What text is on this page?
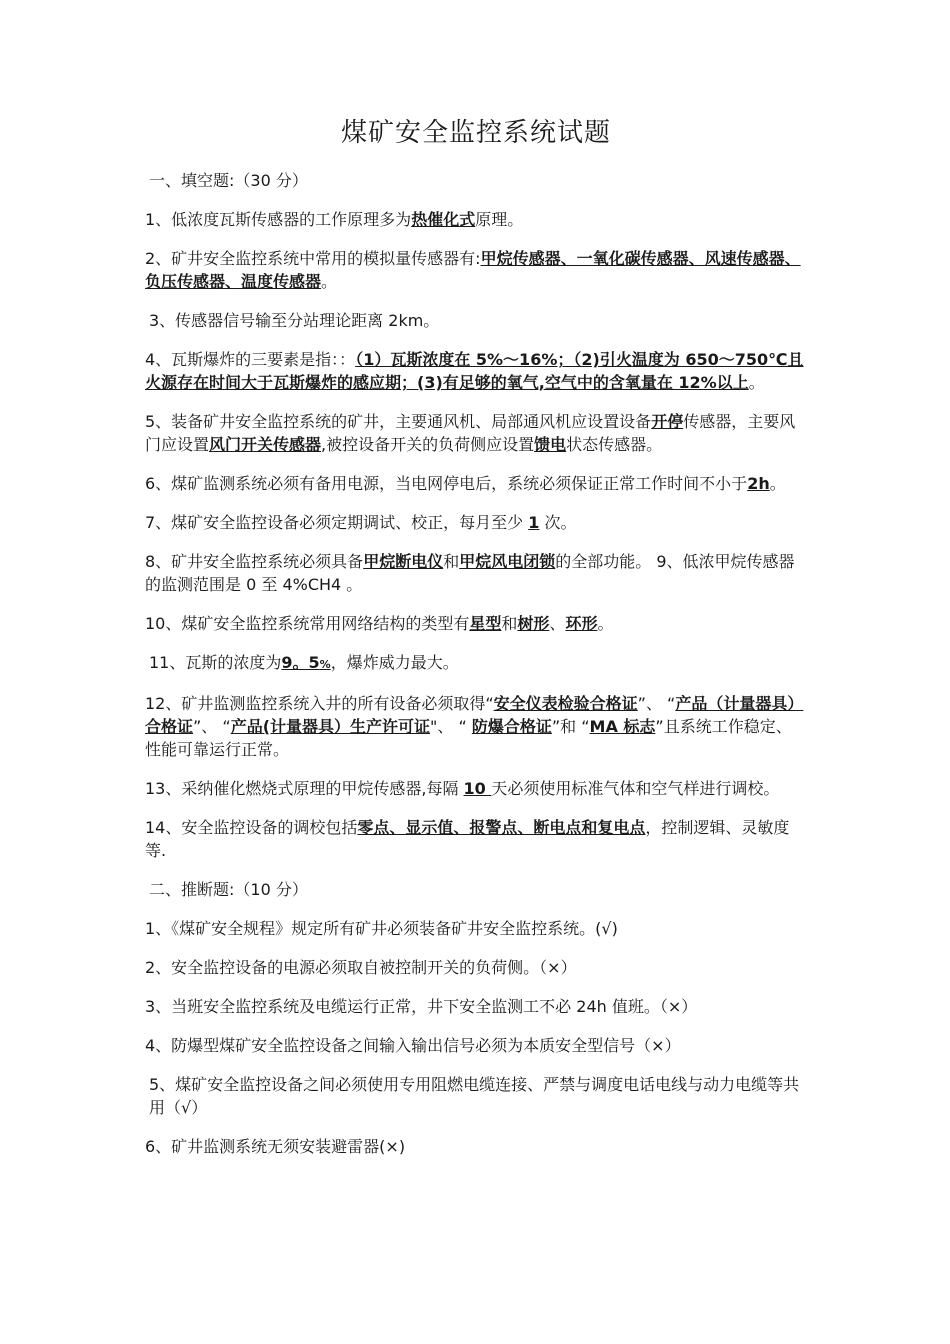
煤矿安全监控系统试题

一、填空题:（30 分）

1、低浓度瓦斯传感器的工作原理多为热催化式原理。

2、矿井安全监控系统中常用的模拟量传感器有:甲烷传感器、一氧化碳传感器、风速传感器、负压传感器、温度传感器。

3、传感器信号输至分站理论距离 2km。

4、瓦斯爆炸的三要素是指：：（1）瓦斯浓度在 5%～16%；（2)引火温度为 650～750℃且火源存在时间大于瓦斯爆炸的感应期；(3)有足够的氧气,空气中的含氧量在 12%以上。

5、装备矿井安全监控系统的矿井，主要通风机、局部通风机应设置设备开停传感器，主要风门应设置风门开关传感器,被控设备开关的负荷侧应设置馈电状态传感器。

6、煤矿监测系统必须有备用电源，当电网停电后，系统必须保证正常工作时间不小于2h。

7、煤矿安全监控设备必须定期调试、校正，每月至少 1 次。

8、矿井安全监控系统必须具备甲烷断电仪和甲烷风电闭锁的全部功能。 9、低浓甲烷传感器的监测范围是 0 至 4%CH4 。

10、煤矿安全监控系统常用网络结构的类型有星型和树形、环形。

11、瓦斯的浓度为9。5%，爆炸威力最大。

12、矿井监测监控系统入井的所有设备必须取得“安全仪表检验合格证”、 “产品（计量器具）合格证”、 “产品(计量器具）生产许可证"、 “ 防爆合格证”和 “MA 标志”且系统工作稳定、性能可靠运行正常。

13、采纳催化燃烧式原理的甲烷传感器,每隔 10 天必须使用标准气体和空气样进行调校。

14、安全监控设备的调校包括零点、显示值、报警点、断电点和复电点，控制逻辑、灵敏度等.

二、推断题:（10 分）

1、《煤矿安全规程》规定所有矿井必须装备矿井安全监控系统。(√)

2、安全监控设备的电源必须取自被控制开关的负荷侧。（×）

3、当班安全监控系统及电缆运行正常，井下安全监测工不必 24h 值班。（×）

4、防爆型煤矿安全监控设备之间输入输出信号必须为本质安全型信号（×）

5、煤矿安全监控设备之间必须使用专用阻燃电缆连接、严禁与调度电话电线与动力电缆等共用（√）

6、矿井监测系统无须安装避雷器(×)
